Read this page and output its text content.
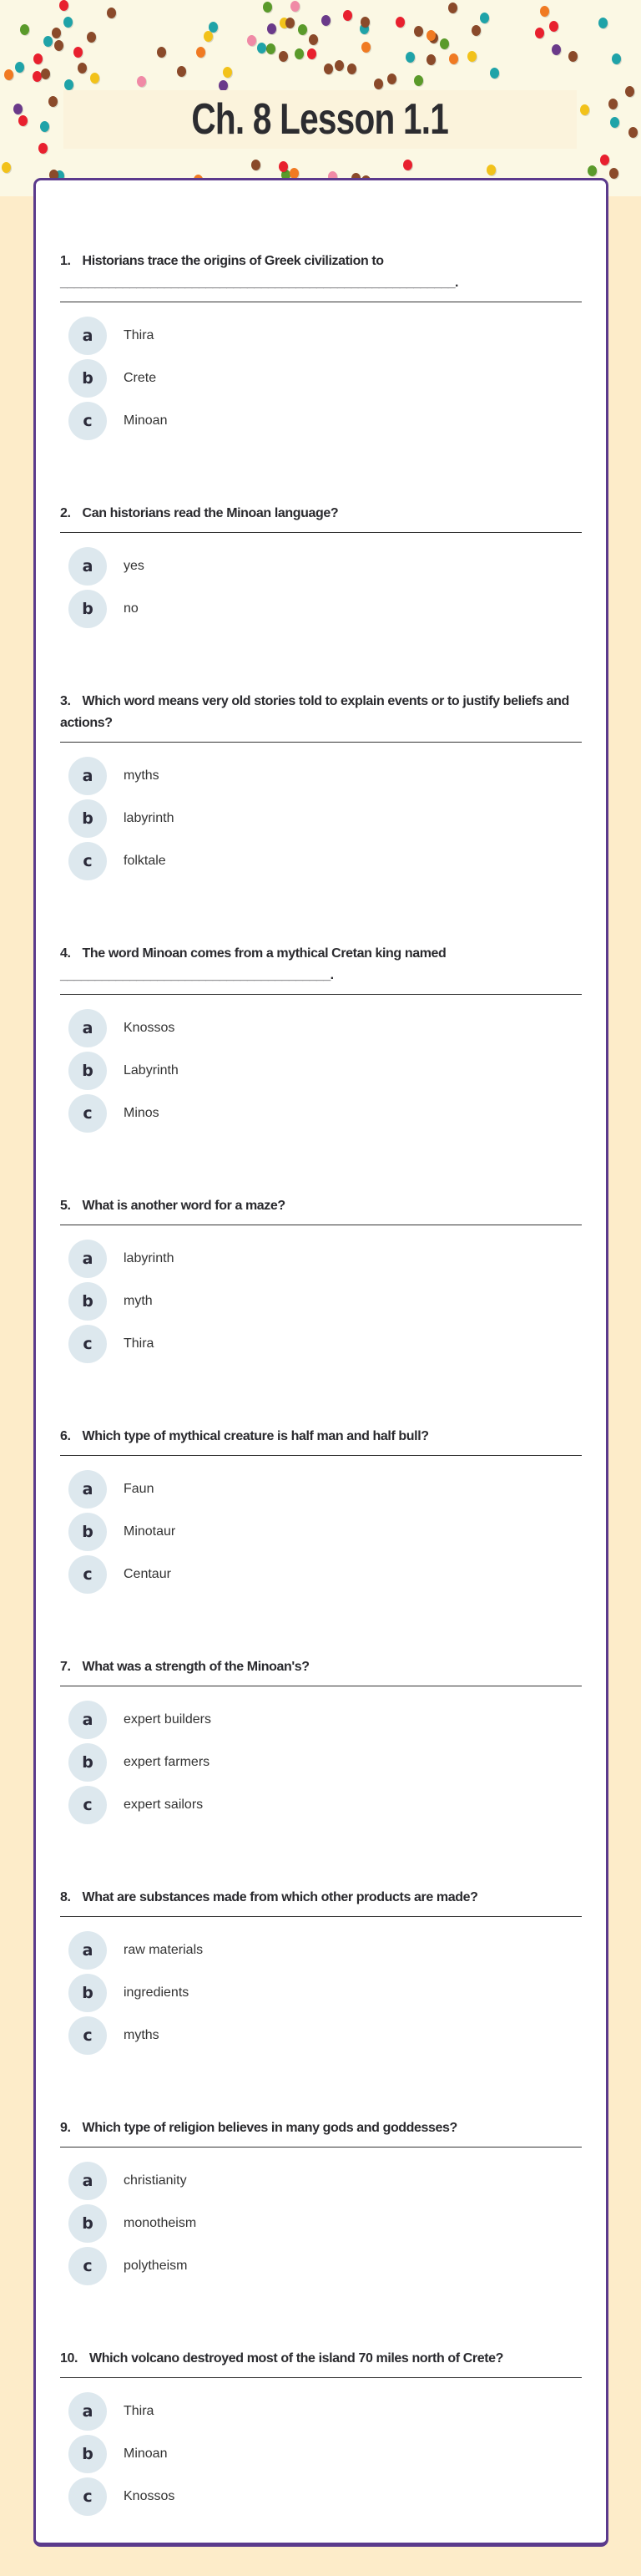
Ch. 8 Lesson 1.1
1. Historians trace the origins of Greek civilization to
_________________________________________________________.
a	Thira
b	Crete
c	Minoan
2. Can historians read the Minoan language?
a	yes
b	no
3. Which word means very old stories told to explain events or to justify beliefs and actions?
a	myths
b	labyrinth
c	folktale
4. The word Minoan comes from a mythical Cretan king named
_______________________________________.
a	Knossos
b	Labyrinth
c	Minos
5. What is another word for a maze?
a	labyrinth
b	myth
c	Thira
6. Which type of mythical creature is half man and half bull?
a	Faun
b	Minotaur
c	Centaur
7. What was a strength of the Minoan's?
a	expert builders
b	expert farmers
c	expert sailors
8. What are substances made from which other products are made?
a	raw materials
b	ingredients
c	myths
9. Which type of religion believes in many gods and goddesses?
a	christianity
b	monotheism
c	polytheism
10. Which volcano destroyed most of the island 70 miles north of Crete?
a	Thira
b	Minoan
c	Knossos
